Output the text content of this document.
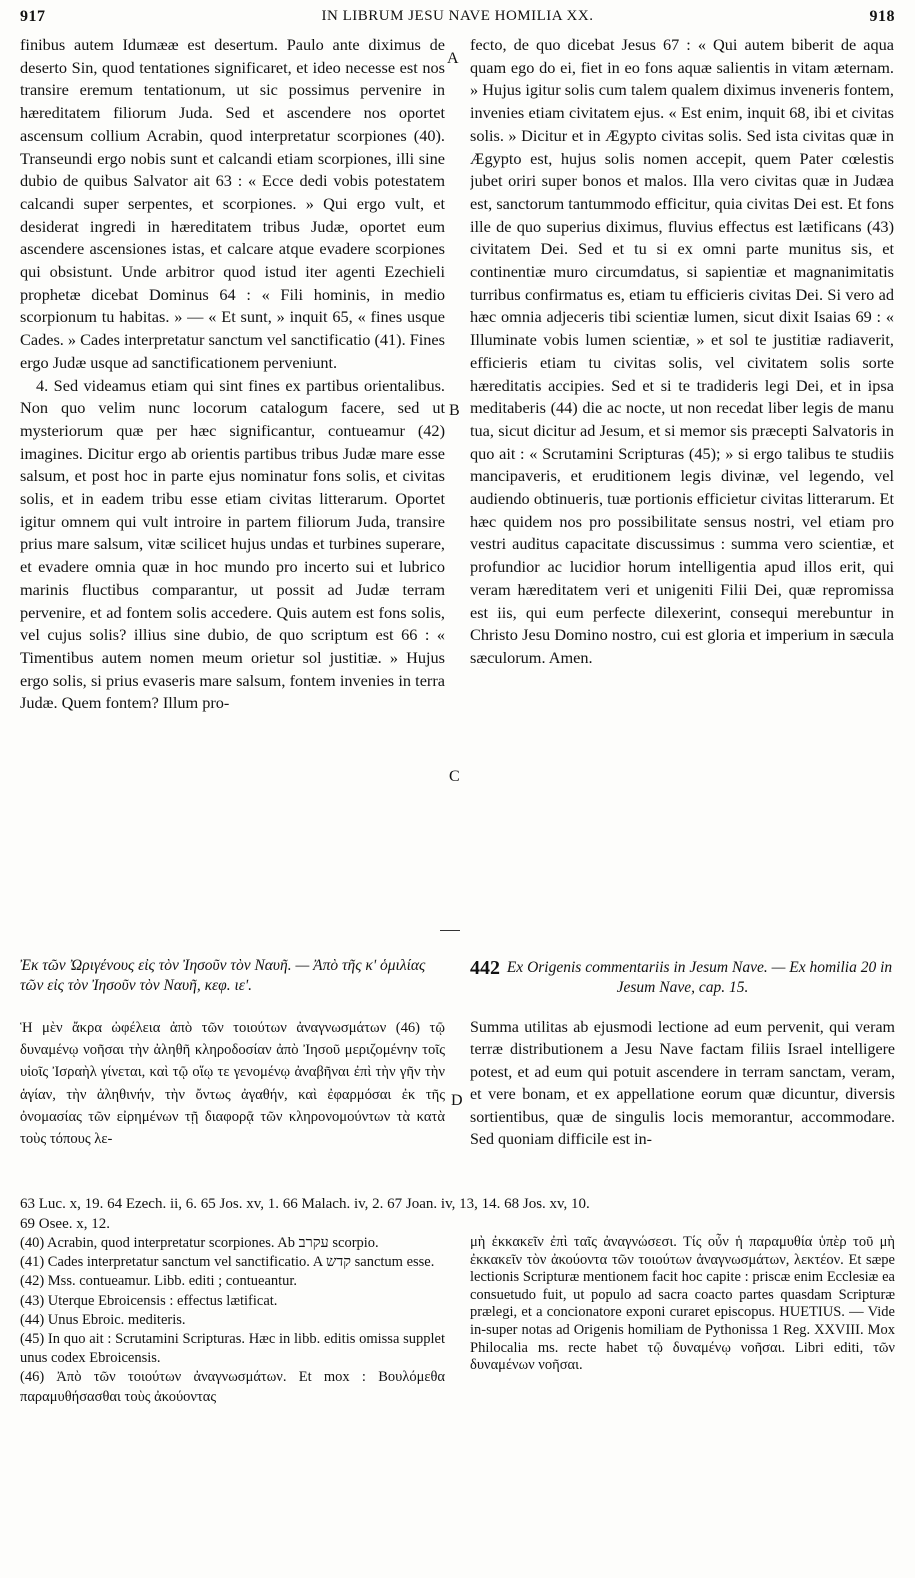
917	IN LIBRUM JESU NAVE HOMILIA XX.	918

finibus autem Idumææ est desertum. Paulo ante diximus de deserto Sin, quod tentationes significaret, et ideo necesse est nos transire eremum tentationum, ut sic possimus pervenire in hæreditatem filiorum Juda. Sed et ascendere nos oportet ascensum collium Acrabin, quod interpretatur scorpiones (40). Transeundi ergo nobis sunt et calcandi etiam scorpiones, illi sine dubio de quibus Salvator ait 63 : « Ecce dedi vobis potestatem calcandi super serpentes, et scorpiones. » Qui ergo vult, et desiderat ingredi in hæreditatem tribus Judæ, oportet eum ascendere ascensiones istas, et calcare atque evadere scorpiones qui obsistunt. Unde arbitror quod istud iter agenti Ezechieli prophetæ dicebat Dominus 64 : « Fili hominis, in medio scorpionum tu habitas. » — « Et sunt, » inquit 65, « fines usque Cades. » Cades interpretatur sanctum vel sanctificatio (41). Fines ergo Judæ usque ad sanctificationem perveniunt.

4. Sed videamus etiam qui sint fines ex partibus orientalibus. Non quo velim nunc locorum catalogum facere, sed ut mysteriorum quæ per hæc significantur, contueamur (42) imagines. Dicitur ergo ab orientis partibus tribus Judæ mare esse salsum, et post hoc in parte ejus nominatur fons solis, et civitas solis, et in eadem tribu esse etiam civitas litterarum. Oportet igitur omnem qui vult introire in partem filiorum Juda, transire prius mare salsum, vitæ scilicet hujus undas et turbines superare, et evadere omnia quæ in hoc mundo pro incerto sui et lubrico marinis fluctibus comparantur, ut possit ad Judæ terram pervenire, et ad fontem solis accedere. Quis autem est fons solis, vel cujus solis? illius sine dubio, de quo scriptum est 66 : « Timentibus autem nomen meum orietur sol justitiæ. » Hujus ergo solis, si prius evaseris mare salsum, fontem invenies in terra Judæ. Quem fontem? Illum pro-

A
B
C
D

fecto, de quo dicebat Jesus 67 : « Qui autem biberit de aqua quam ego do ei, fiet in eo fons aquæ salientis in vitam æternam. » Hujus igitur solis cum talem qualem diximus inveneris fontem, invenies etiam civitatem ejus. « Est enim, inquit 68, ibi et civitas solis. » Dicitur et in Ægypto civitas solis. Sed ista civitas quæ in Ægypto est, hujus solis nomen accepit, quem Pater cœlestis jubet oriri super bonos et malos. Illa vero civitas quæ in Judæa est, sanctorum tantummodo efficitur, quia civitas Dei est. Et fons ille de quo superius diximus, fluvius effectus est lætificans (43) civitatem Dei. Sed et tu si ex omni parte munitus sis, et continentiæ muro circumdatus, si sapientiæ et magnanimitatis turribus confirmatus es, etiam tu efficieris civitas Dei. Si vero ad hæc omnia adjeceris tibi scientiæ lumen, sicut dixit Isaias 69 : « Illuminate vobis lumen scientiæ, » et sol te justitiæ radiaverit, efficieris etiam tu civitas solis, vel civitatem solis sorte hæreditatis accipies. Sed et si te tradideris legi Dei, et in ipsa meditaberis (44) die ac nocte, ut non recedat liber legis de manu tua, sicut dicitur ad Jesum, et si memor sis præcepti Salvatoris in quo ait : « Scrutamini Scripturas (45); » si ergo talibus te studiis mancipaveris, et eruditionem legis divinæ, vel legendo, vel audiendo obtinueris, tuæ portionis efficietur civitas litterarum. Et hæc quidem nos pro possibilitate sensus nostri, vel etiam pro vestri auditus capacitate discussimus : summa vero scientiæ, et profundior ac lucidior horum intelligentia apud illos erit, qui veram hæreditatem veri et unigeniti Filii Dei, quæ repromissa est iis, qui eum perfecte dilexerint, consequi merebuntur in Christo Jesu Domino nostro, cui est gloria et imperium in sæcula sæculorum. Amen.

Ἐκ τῶν Ὠριγένους εἰς τὸν Ἰησοῦν τὸν Ναυῆ. — Ἀπὸ τῆς κʹ ὁμιλίας τῶν εἰς τὸν Ἰησοῦν τὸν Ναυῆ, κεφ. ιεʹ.
Ἡ μὲν ἄκρα ὠφέλεια ἀπὸ τῶν τοιούτων ἀναγνωσμάτων (46) τῷ δυναμένῳ νοῆσαι τὴν ἀληθῆ κληροδοσίαν ἀπὸ Ἰησοῦ μεριζομένην τοῖς υἱοῖς Ἰσραὴλ γίνεται, καὶ τῷ οἵῳ τε γενομένῳ ἀναβῆναι ἐπὶ τὴν γῆν τὴν ἁγίαν, τὴν ἀληθινήν, τὴν ὄντως ἀγαθήν, καὶ ἐφαρμόσαι ἐκ τῆς ὀνομασίας τῶν εἰρημένων τῇ διαφορᾷ τῶν κληρονομούντων τὰ κατὰ τοὺς τόπους λε-
442 Ex Origenis commentariis in Jesum Nave. — Ex homilia 20 in Jesum Nave, cap. 15.
Summa utilitas ab ejusmodi lectione ad eum pervenit, qui veram terræ distributionem a Jesu Nave factam filiis Israel intelligere potest, et ad eum qui potuit ascendere in terram sanctam, veram, et vere bonam, et ex appellatione eorum quæ dicuntur, diversis sortientibus, quæ de singulis locis memorantur, accommodare. Sed quoniam difficile est in-
63 Luc. x, 19. 64 Ezech. ii, 6. 65 Jos. xv, 1. 66 Malach. iv, 2. 67 Joan. iv, 13, 14. 68 Jos. xv, 10.
69 Osee. x, 12.

(40) Acrabin, quod interpretatur scorpiones. Ab עקרב scorpio.

(41) Cades interpretatur sanctum vel sanctificatio. A קדש sanctum esse.

(42) Mss. contueamur. Libb. editi ; contueantur.

(43) Uterque Ebroicensis : effectus lætificat.

(44) Unus Ebroic. mediteris.

(45) In quo ait : Scrutamini Scripturas. Hæc in libb. editis omissa supplet unus codex Ebroicensis.

(46) Ἀπὸ τῶν τοιούτων ἀναγνωσμάτων. Et mox : Βουλόμεθα παραμυθήσασθαι τοὺς ἀκούοντας

μὴ ἐκκακεῖν ἐπὶ ταῖς ἀναγνώσεσι. Τίς οὖν ἡ παραμυθία ὑπὲρ τοῦ μὴ ἐκκακεῖν τὸν ἀκούοντα τῶν τοιούτων ἀναγνωσμάτων, λεκτέον. Et sæpe lectionis Scripturæ mentionem facit hoc capite : priscæ enim Ecclesiæ ea consuetudo fuit, ut populo ad sacra coacto partes quasdam Scripturæ prælegi, et a concionatore exponi curaret episcopus. HUETIUS. — Vide in-super notas ad Origenis homiliam de Pythonissa 1 Reg. XXVIII. Mox Philocalia ms. recte habet τῷ δυναμένῳ νοῆσαι. Libri editi, τῶν δυναμένων νοῆσαι.
